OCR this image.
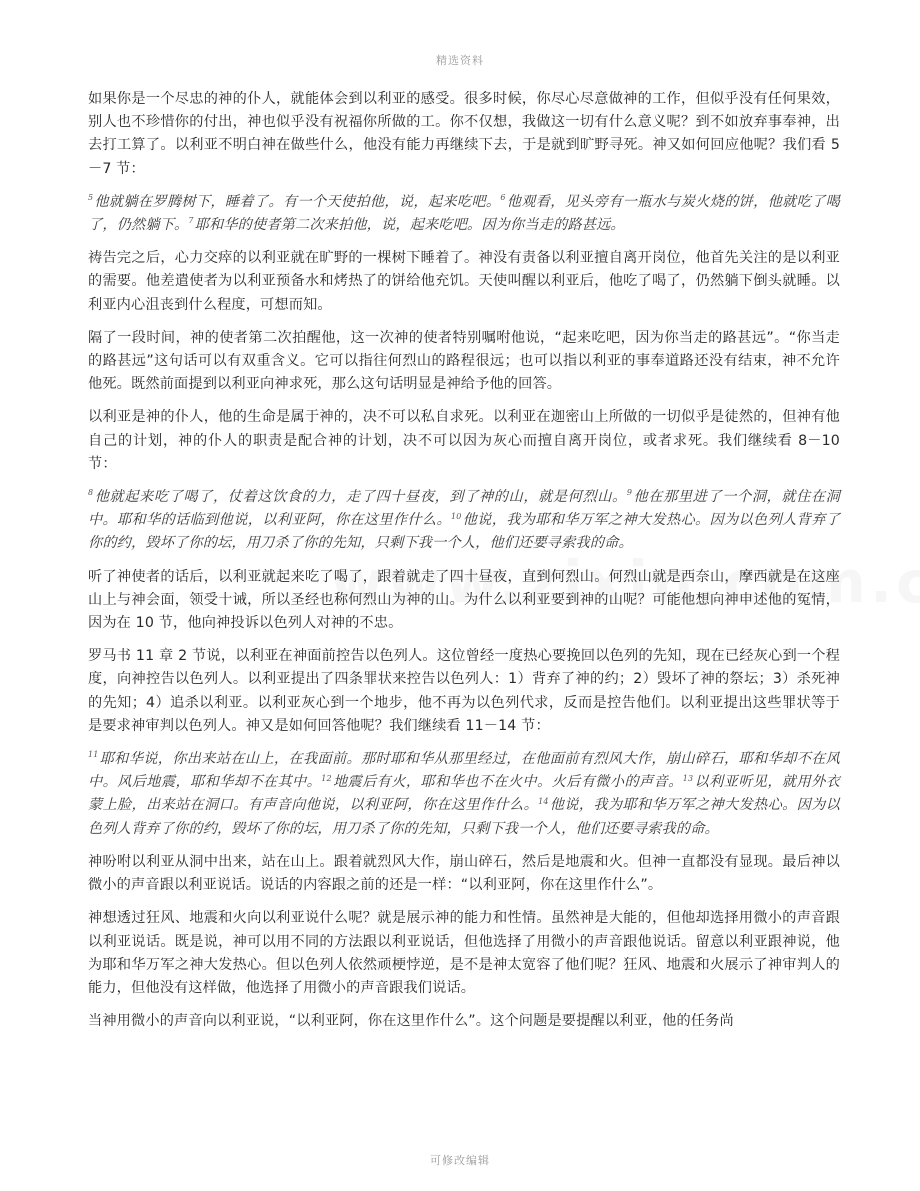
精选资料

如果你是一个尽忠的神的仆人，就能体会到以利亚的感受。很多时候，你尽心尽意做神的工作，但似乎没有任何果效，别人也不珍惜你的付出，神也似乎没有祝福你所做的工。你不仅想，我做这一切有什么意义呢？到不如放弃事奉神，出去打工算了。以利亚不明白神在做些什么，他没有能力再继续下去，于是就到旷野寻死。神又如何回应他呢？我们看 5－7 节：

$^5$他就躺在罗腾树下，睡着了。有一个天使拍他，说，起来吃吧。$^6$他观看，见头旁有一瓶水与炭火烧的饼，他就吃了喝了，仍然躺下。$^7$耶和华的使者第二次来拍他，说，起来吃吧。因为你当走的路甚远。

祷告完之后，心力交瘁的以利亚就在旷野的一棵树下睡着了。神没有责备以利亚擅自离开岗位，他首先关注的是以利亚的需要。他差遣使者为以利亚预备水和烤热了的饼给他充饥。天使叫醒以利亚后，他吃了喝了，仍然躺下倒头就睡。以利亚内心沮丧到什么程度，可想而知。

隔了一段时间，神的使者第二次拍醒他，这一次神的使者特别嘱咐他说，“起来吃吧，因为你当走的路甚远”。“你当走的路甚远”这句话可以有双重含义。它可以指往何烈山的路程很远；也可以指以利亚的事奉道路还没有结束，神不允许他死。既然前面提到以利亚向神求死，那么这句话明显是神给予他的回答。

以利亚是神的仆人，他的生命是属于神的，决不可以私自求死。以利亚在迦密山上所做的一切似乎是徒然的，但神有他自己的计划，神的仆人的职责是配合神的计划，决不可以因为灰心而擅自离开岗位，或者求死。我们继续看 8－10 节：

$^8$他就起来吃了喝了，仗着这饮食的力，走了四十昼夜，到了神的山，就是何烈山。$^9$他在那里进了一个洞，就住在洞中。耶和华的话临到他说，以利亚阿，你在这里作什么。$^{10}$他说，我为耶和华万军之神大发热心。因为以色列人背弃了你的约，毁坏了你的坛，用刀杀了你的先知，只剩下我一个人，他们还要寻索我的命。

听了神使者的话后，以利亚就起来吃了喝了，跟着就走了四十昼夜，直到何烈山。何烈山就是西奈山，摩西就是在这座山上与神会面，领受十诫，所以圣经也称何烈山为神的山。为什么以利亚要到神的山呢？可能他想向神申述他的冤情，因为在 10 节，他向神投诉以色列人对神的不忠。

罗马书 11 章 2 节说，以利亚在神面前控告以色列人。这位曾经一度热心要挽回以色列的先知，现在已经灰心到一个程度，向神控告以色列人。以利亚提出了四条罪状来控告以色列人：1）背弃了神的约；2）毁坏了神的祭坛；3）杀死神的先知；4）追杀以利亚。以利亚灰心到一个地步，他不再为以色列代求，反而是控告他们。以利亚提出这些罪状等于是要求神审判以色列人。神又是如何回答他呢？我们继续看 11－14 节：

$^{11}$耶和华说，你出来站在山上，在我面前。那时耶和华从那里经过，在他面前有烈风大作，崩山碎石，耶和华却不在风中。风后地震，耶和华却不在其中。$^{12}$地震后有火，耶和华也不在火中。火后有微小的声音。$^{13}$以利亚听见，就用外衣蒙上脸，出来站在洞口。有声音向他说，以利亚阿，你在这里作什么。$^{14}$他说，我为耶和华万军之神大发热心。因为以色列人背弃了你的约，毁坏了你的坛，用刀杀了你的先知，只剩下我一个人，他们还要寻索我的命。

神吩咐以利亚从洞中出来，站在山上。跟着就烈风大作，崩山碎石，然后是地震和火。但神一直都没有显现。最后神以微小的声音跟以利亚说话。说话的内容跟之前的还是一样：“以利亚阿，你在这里作什么”。

神想透过狂风、地震和火向以利亚说什么呢？就是展示神的能力和性情。虽然神是大能的，但他却选择用微小的声音跟以利亚说话。既是说，神可以用不同的方法跟以利亚说话，但他选择了用微小的声音跟他说话。留意以利亚跟神说，他为耶和华万军之神大发热心。但以色列人依然顽梗悖逆，是不是神太宽容了他们呢？狂风、地震和火展示了神审判人的能力，但他没有这样做，他选择了用微小的声音跟我们说话。

当神用微小的声音向以利亚说，“以利亚阿，你在这里作什么”。这个问题是要提醒以利亚，他的任务尚

可修改编辑
